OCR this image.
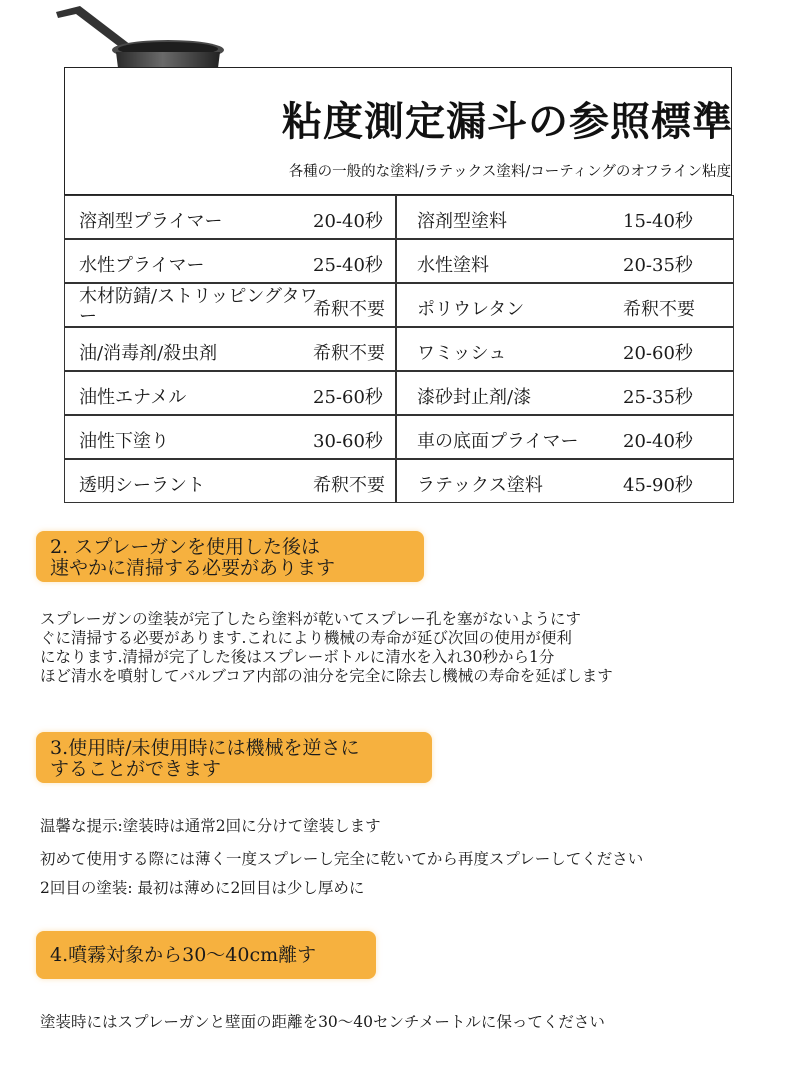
粘度測定漏斗の参照標準
各種の一般的な塗料/ラテックス塗料/コーティングのオフライン粘度
溶剤型プライマー	20-40秒 溶剤型塗料	15-40秒
水性プライマー	25-40秒 水性塗料	20-35秒
木材防錆/ストリッピングタワー	希釈不要 ポリウレタン	希釈不要
油/消毒剤/殺虫剤	希釈不要 ワミッシュ	20-60秒
油性エナメル	25-60秒 漆砂封止剤/漆	25-35秒
油性下塗り	30-60秒 車の底面プライマー 20-40秒
透明シーラント	希釈不要 ラテックス塗料	45-90秒
2. スプレーガンを使用した後は
速やかに清掃する必要があります
スプレーガンの塗装が完了したら塗料が乾いてスプレー孔を塞がないようにす
ぐに清掃する必要があります.これにより機械の寿命が延び次回の使用が便利
になります.清掃が完了した後はスプレーボトルに清水を入れ30秒から1分
ほど清水を噴射してバルブコア内部の油分を完全に除去し機械の寿命を延ばします
3.使用時/未使用時には機械を逆さに
することができます
温馨な提示:塗装時は通常2回に分けて塗装します
初めて使用する際には薄く一度スプレーし完全に乾いてから再度スプレーしてください
2回目の塗装: 最初は薄めに2回目は少し厚めに
4.噴霧対象から30～40cm離す
塗装時にはスプレーガンと壁面の距離を30～40センチメートルに保ってください
